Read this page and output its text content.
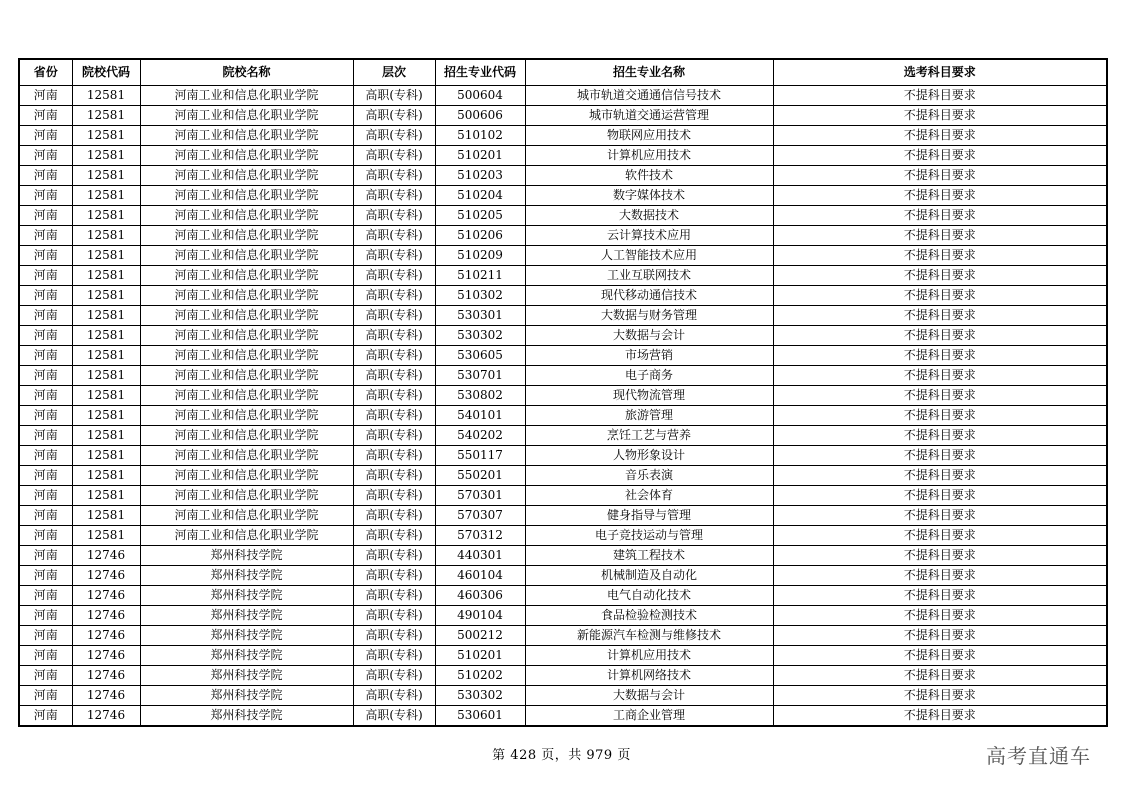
省份	院校代码	院校名称	层次	招生专业代码	招生专业名称	选考科目要求
河南	12581	河南工业和信息化职业学院	高职(专科)	500604	城市轨道交通通信信号技术	不提科目要求
河南	12581	河南工业和信息化职业学院	高职(专科)	500606	城市轨道交通运营管理	不提科目要求
河南	12581	河南工业和信息化职业学院	高职(专科)	510102	物联网应用技术	不提科目要求
河南	12581	河南工业和信息化职业学院	高职(专科)	510201	计算机应用技术	不提科目要求
河南	12581	河南工业和信息化职业学院	高职(专科)	510203	软件技术	不提科目要求
河南	12581	河南工业和信息化职业学院	高职(专科)	510204	数字媒体技术	不提科目要求
河南	12581	河南工业和信息化职业学院	高职(专科)	510205	大数据技术	不提科目要求
河南	12581	河南工业和信息化职业学院	高职(专科)	510206	云计算技术应用	不提科目要求
河南	12581	河南工业和信息化职业学院	高职(专科)	510209	人工智能技术应用	不提科目要求
河南	12581	河南工业和信息化职业学院	高职(专科)	510211	工业互联网技术	不提科目要求
河南	12581	河南工业和信息化职业学院	高职(专科)	510302	现代移动通信技术	不提科目要求
河南	12581	河南工业和信息化职业学院	高职(专科)	530301	大数据与财务管理	不提科目要求
河南	12581	河南工业和信息化职业学院	高职(专科)	530302	大数据与会计	不提科目要求
河南	12581	河南工业和信息化职业学院	高职(专科)	530605	市场营销	不提科目要求
河南	12581	河南工业和信息化职业学院	高职(专科)	530701	电子商务	不提科目要求
河南	12581	河南工业和信息化职业学院	高职(专科)	530802	现代物流管理	不提科目要求
河南	12581	河南工业和信息化职业学院	高职(专科)	540101	旅游管理	不提科目要求
河南	12581	河南工业和信息化职业学院	高职(专科)	540202	烹饪工艺与营养	不提科目要求
河南	12581	河南工业和信息化职业学院	高职(专科)	550117	人物形象设计	不提科目要求
河南	12581	河南工业和信息化职业学院	高职(专科)	550201	音乐表演	不提科目要求
河南	12581	河南工业和信息化职业学院	高职(专科)	570301	社会体育	不提科目要求
河南	12581	河南工业和信息化职业学院	高职(专科)	570307	健身指导与管理	不提科目要求
河南	12581	河南工业和信息化职业学院	高职(专科)	570312	电子竞技运动与管理	不提科目要求
河南	12746	郑州科技学院	高职(专科)	440301	建筑工程技术	不提科目要求
河南	12746	郑州科技学院	高职(专科)	460104	机械制造及自动化	不提科目要求
河南	12746	郑州科技学院	高职(专科)	460306	电气自动化技术	不提科目要求
河南	12746	郑州科技学院	高职(专科)	490104	食品检验检测技术	不提科目要求
河南	12746	郑州科技学院	高职(专科)	500212	新能源汽车检测与维修技术	不提科目要求
河南	12746	郑州科技学院	高职(专科)	510201	计算机应用技术	不提科目要求
河南	12746	郑州科技学院	高职(专科)	510202	计算机网络技术	不提科目要求
河南	12746	郑州科技学院	高职(专科)	530302	大数据与会计	不提科目要求
河南	12746	郑州科技学院	高职(专科)	530601	工商企业管理	不提科目要求
第 428 页，共 979 页	高考直通车
